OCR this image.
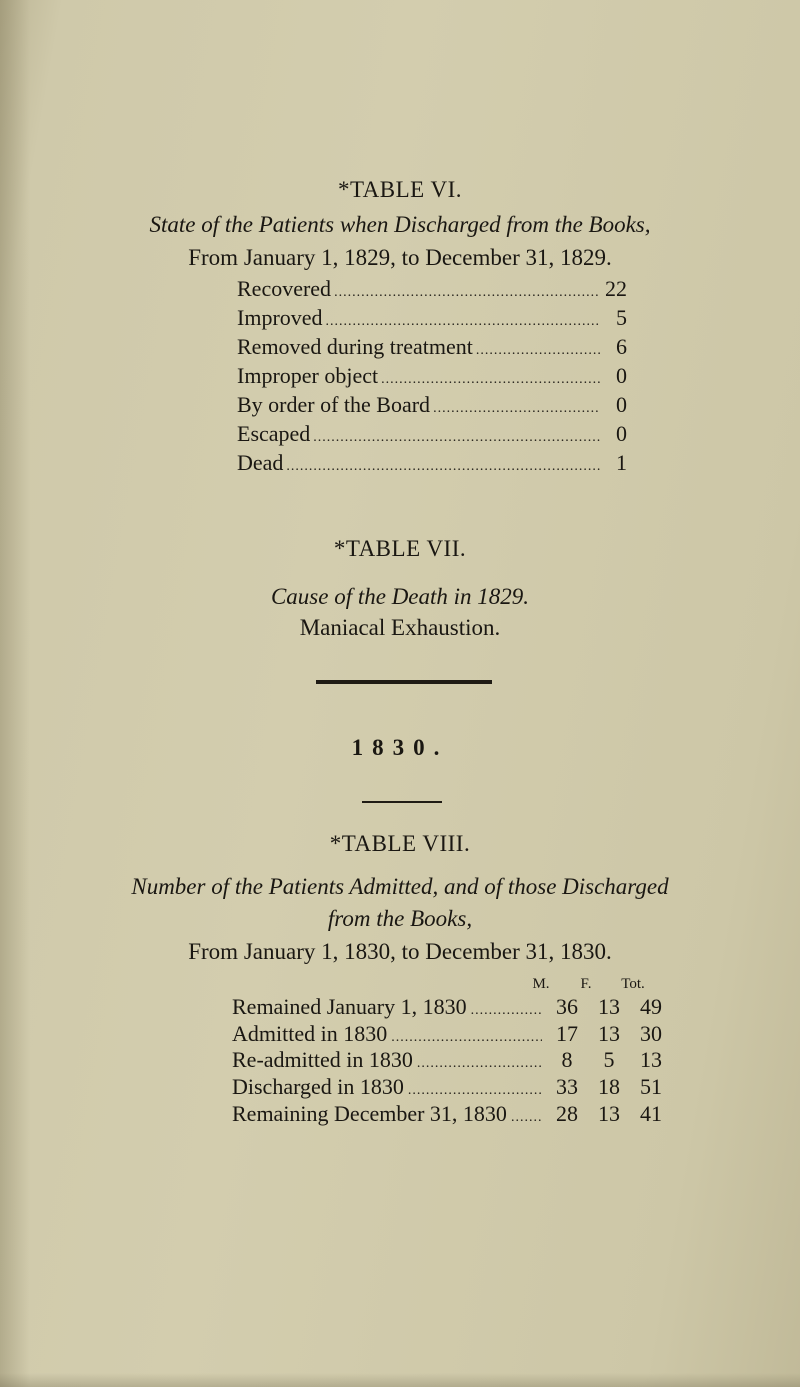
*TABLE VI.
State of the Patients when Discharged from the Books,
From January 1, 1829, to December 31, 1829.
Recovered .....	22
Improved .....	5
Removed during treatment .....	6
Improper object .....	0
By order of the Board .....	0
Escaped .....	0
Dead .....	1
*TABLE VII.
Cause of the Death in 1829.
Maniacal Exhaustion.
1830.
*TABLE VIII.
Number of the Patients Admitted, and of those Discharged
from the Books,
From January 1, 1830, to December 31, 1830.
M.	F.	Tot.
Remained January 1, 1830 .....	36 13 49
Admitted in 1830 .....	17 13 30
Re-admitted in 1830 .....	8	5	13
Discharged in 1830 .....	33 18 51
Remaining December 31, 1830 .....	28 13 41
